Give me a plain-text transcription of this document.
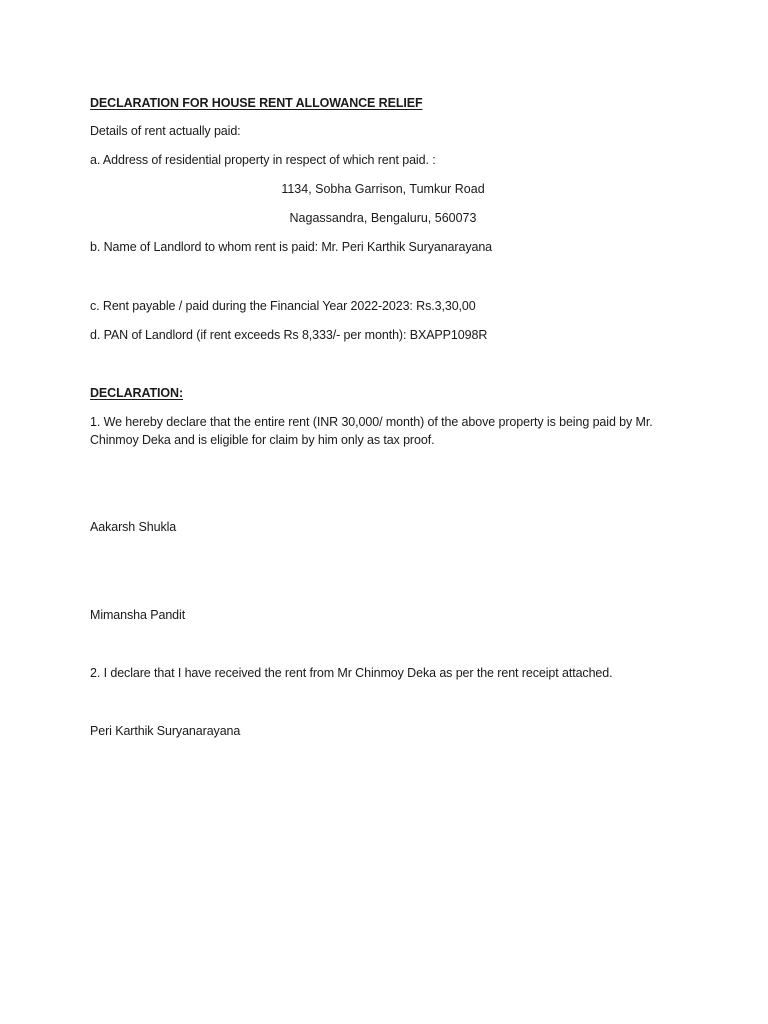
DECLARATION FOR HOUSE RENT ALLOWANCE RELIEF
Details of rent actually paid:
a. Address of residential property in respect of which rent paid. :
1134, Sobha Garrison, Tumkur Road
Nagassandra, Bengaluru, 560073
b. Name of Landlord to whom rent is paid: Mr. Peri Karthik Suryanarayana
c. Rent payable / paid during the Financial Year 2022-2023: Rs.3,30,00
d. PAN of Landlord (if rent exceeds Rs 8,333/- per month): BXAPP1098R
DECLARATION:
1. We hereby declare that the entire rent (INR 30,000/ month) of the above property is being paid by Mr. Chinmoy Deka and is eligible for claim by him only as tax proof.
Aakarsh Shukla
Mimansha Pandit
2. I declare that I have received the rent from Mr Chinmoy Deka as per the rent receipt attached.
Peri Karthik Suryanarayana
